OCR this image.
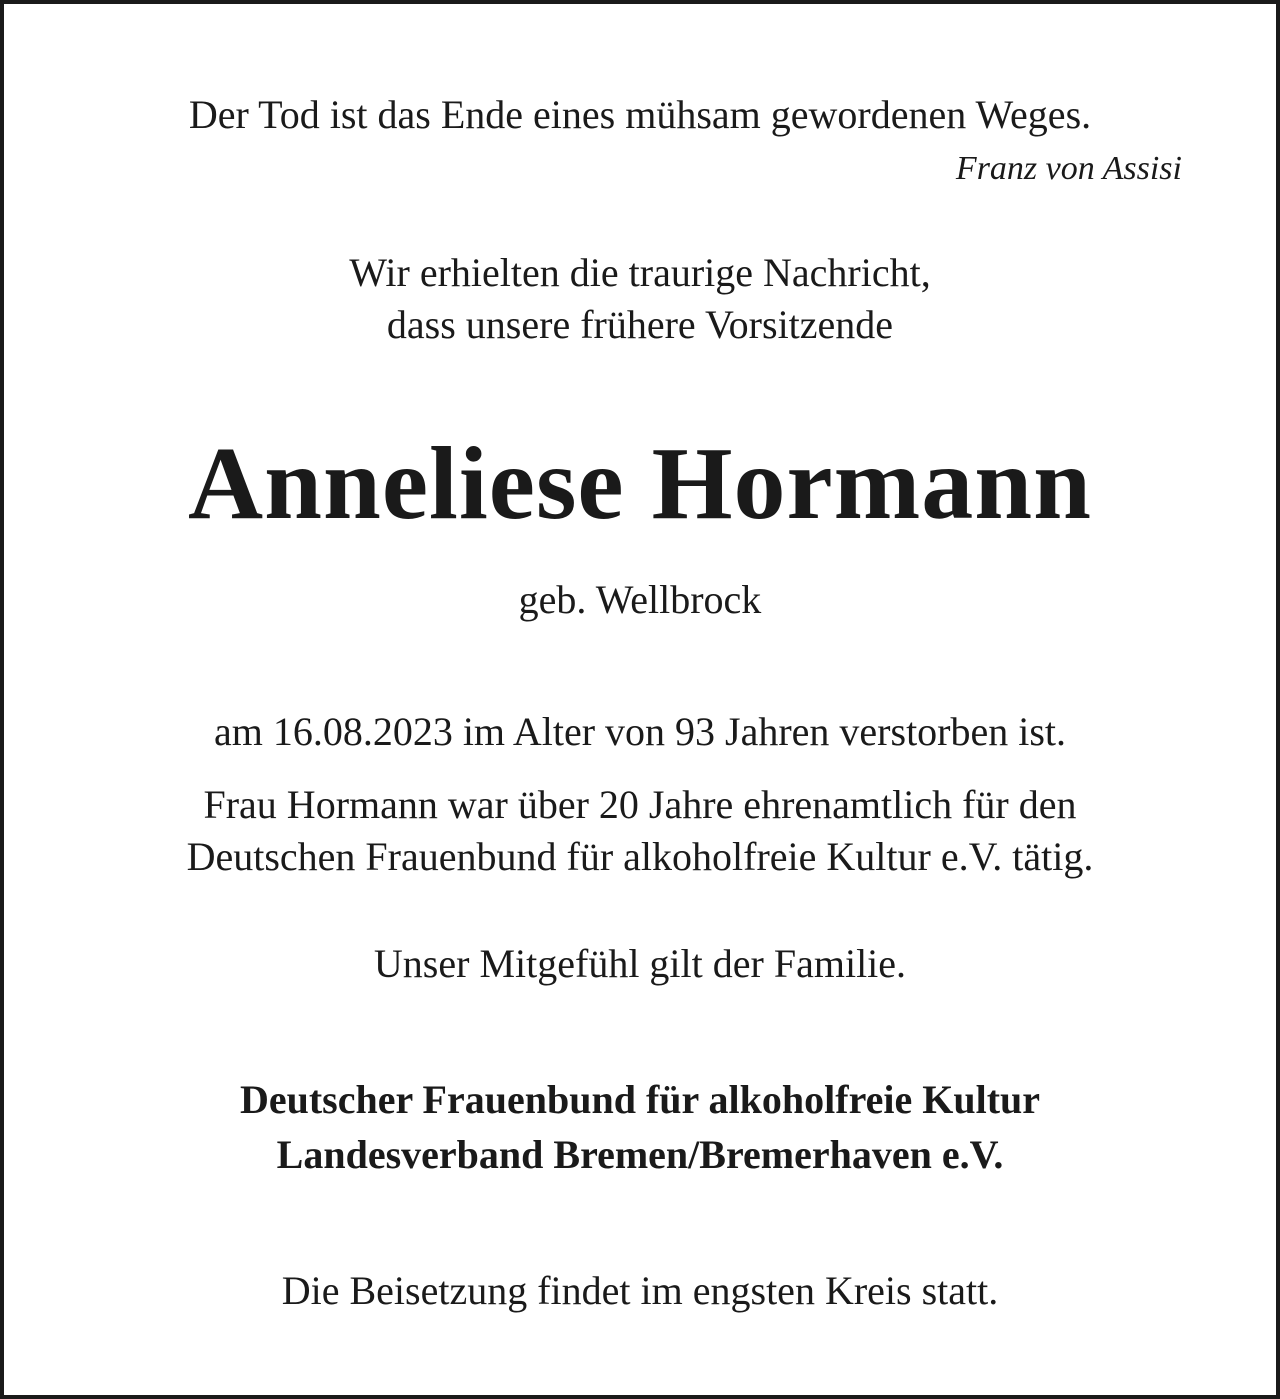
Der Tod ist das Ende eines mühsam gewordenen Weges.
Franz von Assisi
Wir erhielten die traurige Nachricht,
dass unsere frühere Vorsitzende
Anneliese Hormann
geb. Wellbrock
am 16.08.2023 im Alter von 93 Jahren verstorben ist.
Frau Hormann war über 20 Jahre ehrenamtlich für den
Deutschen Frauenbund für alkoholfreie Kultur e.V. tätig.
Unser Mitgefühl gilt der Familie.
Deutscher Frauenbund für alkoholfreie Kultur
Landesverband Bremen/Bremerhaven e.V.
Die Beisetzung findet im engsten Kreis statt.
